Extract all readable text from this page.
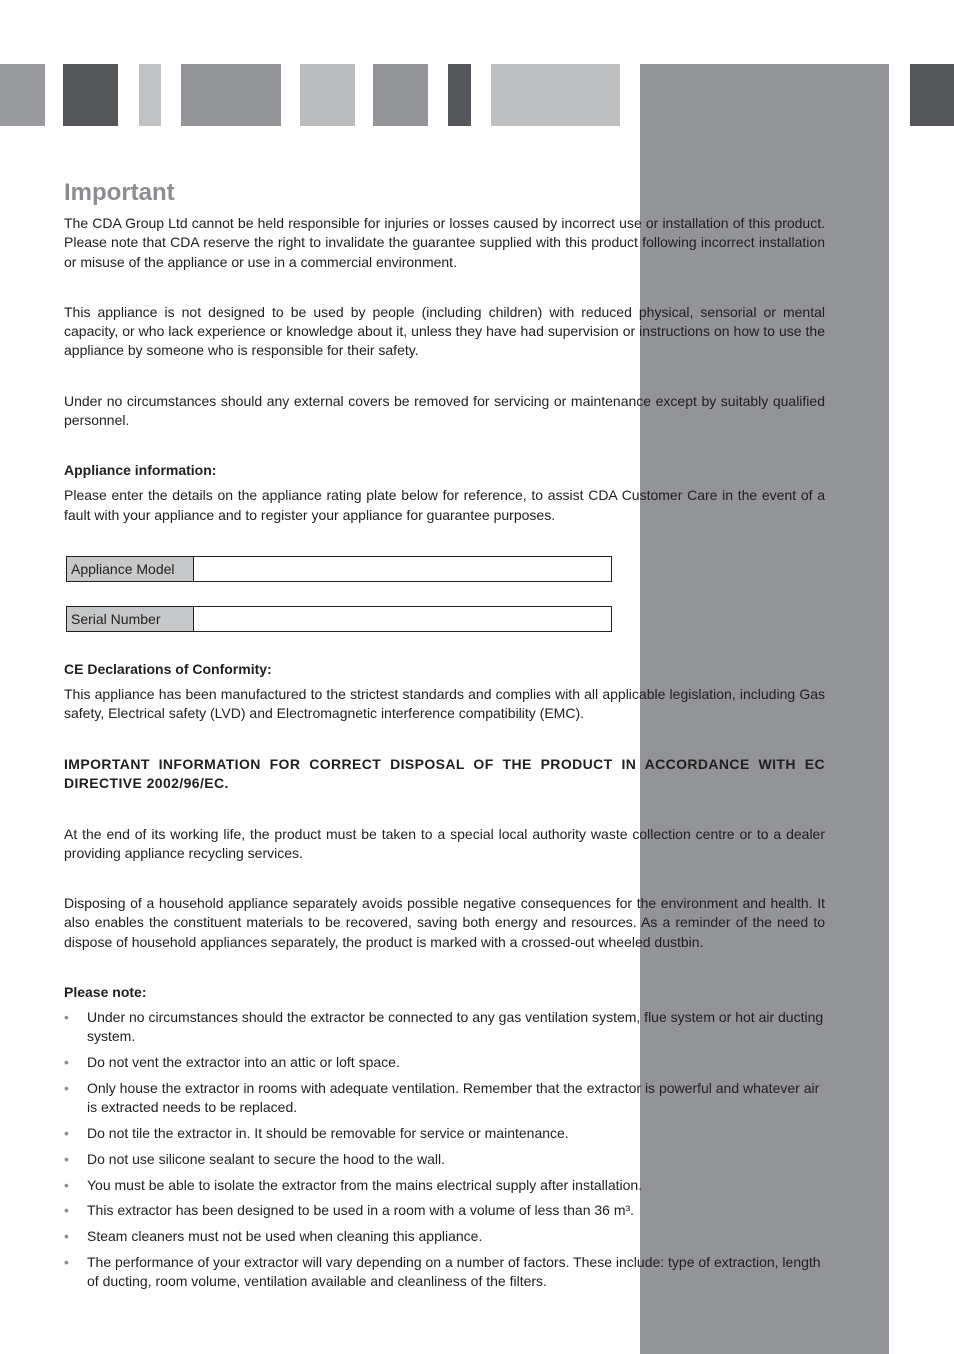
Important

The CDA Group Ltd cannot be held responsible for injuries or losses caused by incorrect use or installation of this product. Please note that CDA reserve the right to invalidate the guarantee supplied with this product following incorrect installation or misuse of the appliance or use in a commercial environment.

This appliance is not designed to be used by people (including children) with reduced physical, sensorial or mental capacity, or who lack experience or knowledge about it, unless they have had supervision or instructions on how to use the appliance by someone who is responsible for their safety.

Under no circumstances should any external covers be removed for servicing or maintenance except by suitably qualified personnel.

Appliance information:

Please enter the details on the appliance rating plate below for reference, to assist CDA Customer Care in the event of a fault with your appliance and to register your appliance for guarantee purposes.

Appliance Model	
Serial Number	
CE Declarations of Conformity:

This appliance has been manufactured to the strictest standards and complies with all applicable legislation, including Gas safety, Electrical safety (LVD) and Electromagnetic interference compatibility (EMC).

IMPORTANT INFORMATION FOR CORRECT DISPOSAL OF THE PRODUCT IN ACCORDANCE WITH EC DIRECTIVE 2002/96/EC.

At the end of its working life, the product must be taken to a special local authority waste collection centre or to a dealer providing appliance recycling services.

Disposing of a household appliance separately avoids possible negative consequences for the environment and health. It also enables the constituent materials to be recovered, saving both energy and resources. As a reminder of the need to dispose of household appliances separately, the product is marked with a crossed-out wheeled dustbin.

Please note:
• Under no circumstances should the extractor be connected to any gas ventilation system, flue system or hot air ducting system.
• Do not vent the extractor into an attic or loft space.
• Only house the extractor in rooms with adequate ventilation. Remember that the extractor is powerful and whatever air is extracted needs to be replaced.
• Do not tile the extractor in. It should be removable for service or maintenance.
• Do not use silicone sealant to secure the hood to the wall.
• You must be able to isolate the extractor from the mains electrical supply after installation.
• This extractor has been designed to be used in a room with a volume of less than 36 m³.
• Steam cleaners must not be used when cleaning this appliance.
• The performance of your extractor will vary depending on a number of factors. These include: type of extraction, length of ducting, room volume, ventilation available and cleanliness of the filters.
